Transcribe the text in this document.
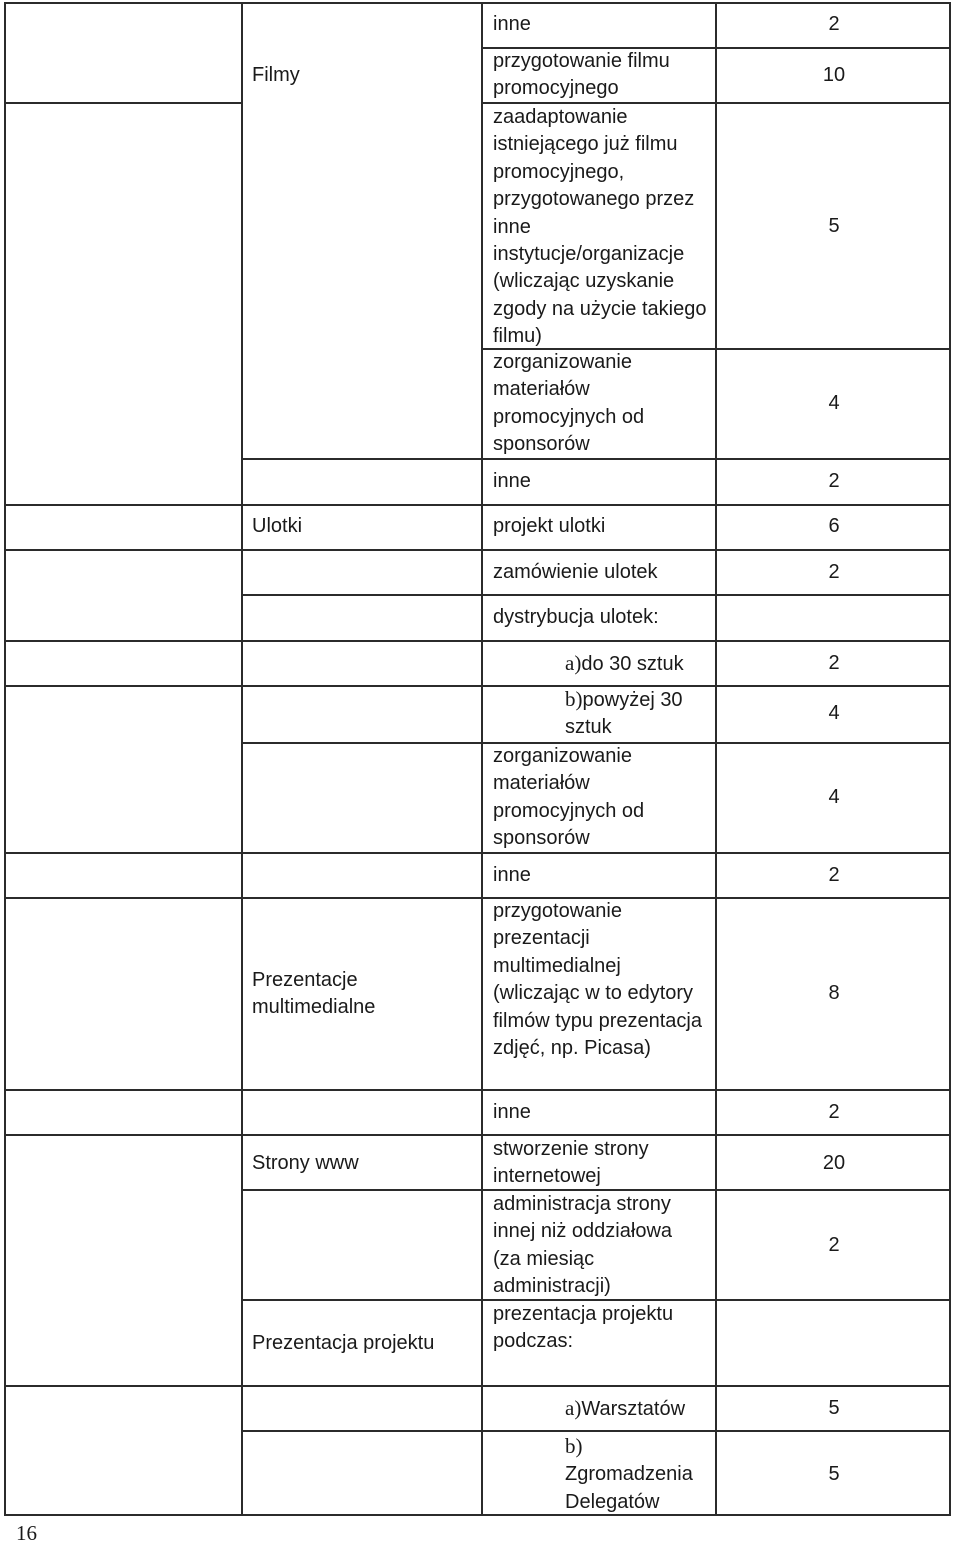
Filmy
Ulotki
Prezentacje multimedialne
Strony www
Prezentacja projektu
inne
przygotowanie filmu promocyjnego
zaadaptowanie istniejącego już filmu promocyjnego, przygotowanego przez inne instytucje/organizacje (wliczając uzyskanie zgody na użycie takiego filmu)
zorganizowanie materiałów promocyjnych od sponsorów
inne
projekt ulotki
zamówienie ulotek
dystrybucja ulotek:
a)do 30 sztuk
b)powyżej 30 sztuk
zorganizowanie materiałów promocyjnych od sponsorów
inne
przygotowanie prezentacji multimedialnej (wliczając w to edytory filmów typu prezentacja zdjęć, np. Picasa)
inne
stworzenie strony internetowej
administracja strony innej niż oddziałowa (za miesiąc administracji)
prezentacja projektu podczas:
a)Warsztatów
b)
Zgromadzenia Delegatów
2
10
5
4
2
6
2
2
4
4
2
8
2
20
2
5
5
16
